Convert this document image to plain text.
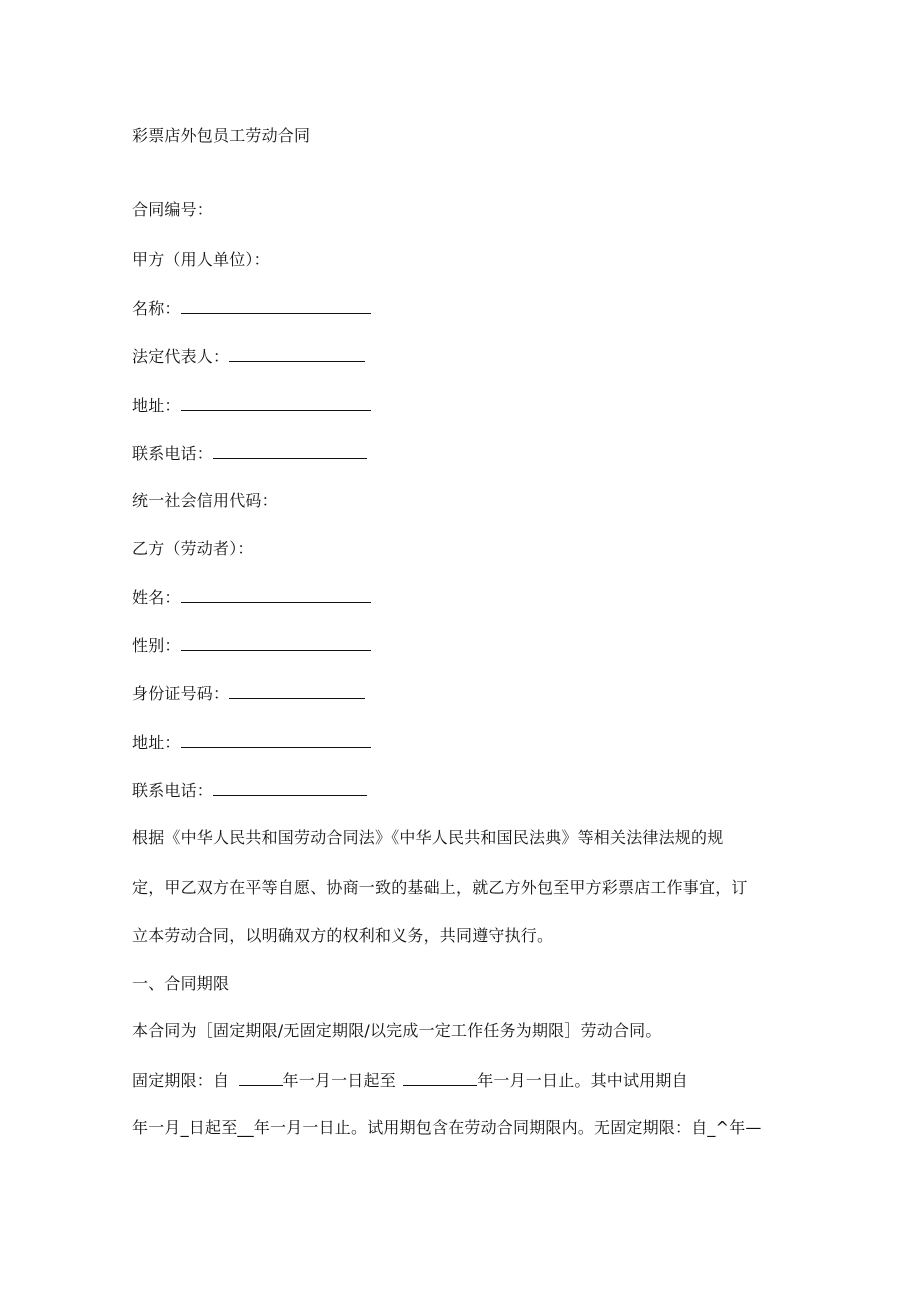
彩票店外包员工劳动合同
合同编号：
甲方（用人单位）：
名称：
法定代表人：
地址：
联系电话：
统一社会信用代码：
乙方（劳动者）：
姓名：
性别：
身份证号码：
地址：
联系电话：
根据《中华人民共和国劳动合同法》《中华人民共和国民法典》等相关法律法规的规
定，甲乙双方在平等自愿、协商一致的基础上，就乙方外包至甲方彩票店工作事宜，订
立本劳动合同，以明确双方的权利和义务，共同遵守执行。
一、合同期限
本合同为［固定期限/无固定期限/以完成一定工作任务为期限］劳动合同。
固定期限：自	年一月一日起至	年一月一日止。其中试用期自
年一月_日起至__年一月一日止。试用期包含在劳动合同期限内。无固定期限：自_^年—
